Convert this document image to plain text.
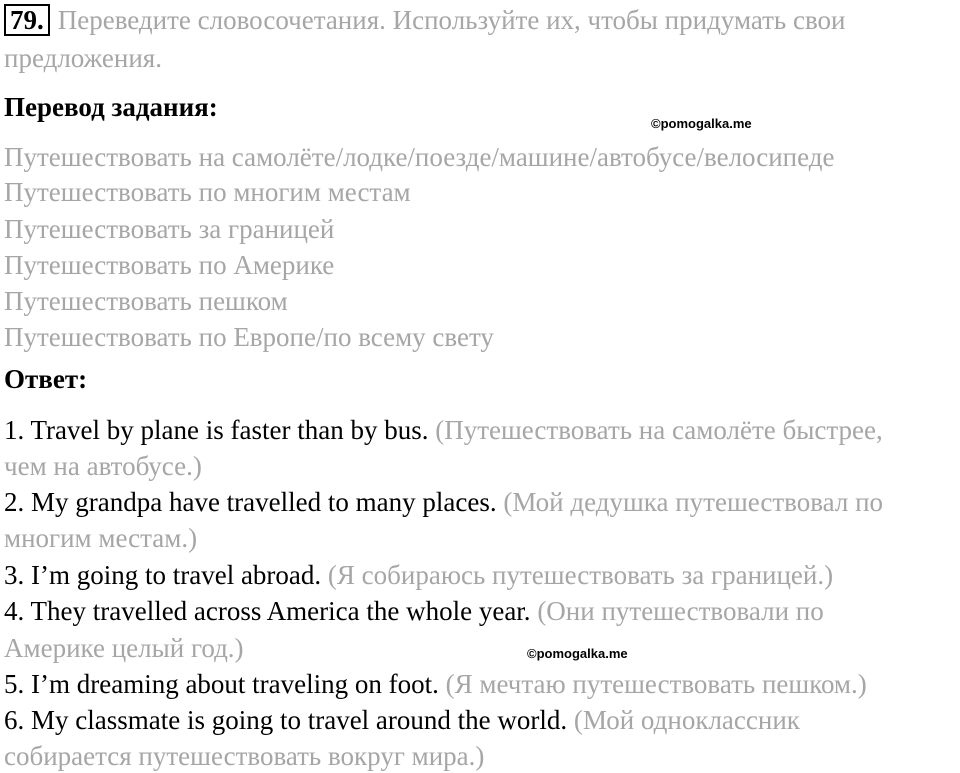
79. Переведите словосочетания. Используйте их, чтобы придумать свои
предложения.
Перевод задания:
©pomogalka.me
Путешествовать на самолёте/лодке/поезде/машине/автобусе/велосипеде
Путешествовать по многим местам
Путешествовать за границей
Путешествовать по Америке
Путешествовать пешком
Путешествовать по Европе/по всему свету
Ответ:
1. Travel by plane is faster than by bus. (Путешествовать на самолёте быстрее,
чем на автобусе.)
2. My grandpa have travelled to many places. (Мой дедушка путешествовал по
многим местам.)
3. I’m going to travel abroad. (Я собираюсь путешествовать за границей.)
4. They travelled across America the whole year. (Они путешествовали по
Америке целый год.)	©pomogalka.me
5. I’m dreaming about traveling on foot. (Я мечтаю путешествовать пешком.)
6. My classmate is going to travel around the world. (Мой одноклассник
собирается путешествовать вокруг мира.)
